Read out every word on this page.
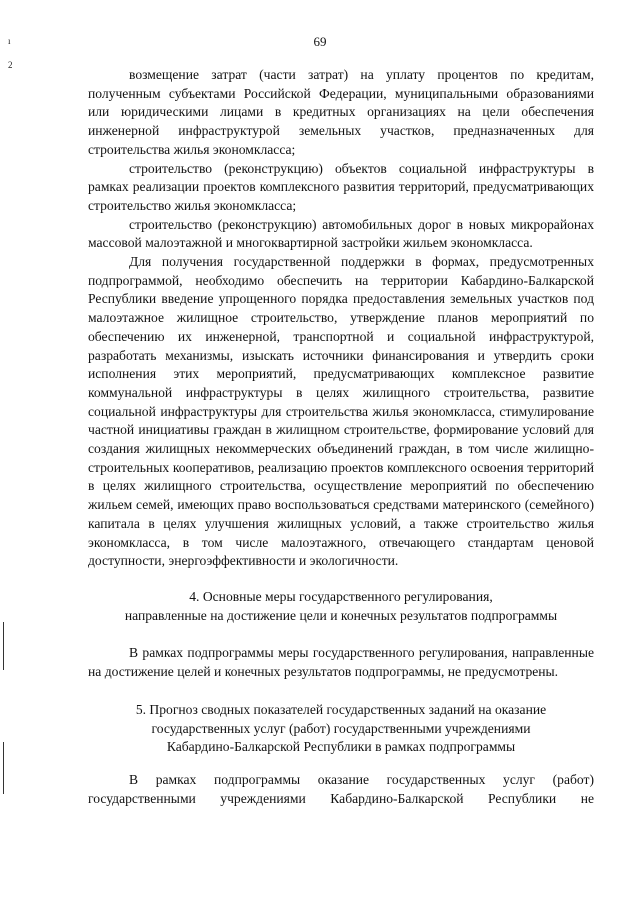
69
ı
2

возмещение затрат (части затрат) на уплату процентов по кредитам, полученным субъектами Российской Федерации, муниципальными образованиями или юридическими лицами в кредитных организациях на цели обеспечения инженерной инфраструктурой земельных участков, предназначенных для строительства жилья экономкласса;

строительство (реконструкцию) объектов социальной инфраструктуры в рамках реализации проектов комплексного развития территорий, предусматривающих строительство жилья экономкласса;

строительство (реконструкцию) автомобильных дорог в новых микрорайонах массовой малоэтажной и многоквартирной застройки жильем экономкласса.

Для получения государственной поддержки в формах, предусмотренных подпрограммой, необходимо обеспечить на территории Кабардино-Балкарской Республики введение упрощенного порядка предоставления земельных участков под малоэтажное жилищное строительство, утверждение планов мероприятий по обеспечению их инженерной, транспортной и социальной инфраструктурой, разработать механизмы, изыскать источники финансирования и утвердить сроки исполнения этих мероприятий, предусматривающих комплексное развитие коммунальной инфраструктуры в целях жилищного строительства, развитие социальной инфраструктуры для строительства жилья экономкласса, стимулирование частной инициативы граждан в жилищном строительстве, формирование условий для создания жилищных некоммерческих объединений граждан, в том числе жилищно-строительных кооперативов, реализацию проектов комплексного освоения территорий в целях жилищного строительства, осуществление мероприятий по обеспечению жильем семей, имеющих право воспользоваться средствами материнского (семейного) капитала в целях улучшения жилищных условий, а также строительство жилья экономкласса, в том числе малоэтажного, отвечающего стандартам ценовой доступности, энергоэффективности и экологичности.

4. Основные меры государственного регулирования,
направленные на достижение цели и конечных результатов подпрограммы

В рамках подпрограммы меры государственного регулирования, направленные на достижение целей и конечных результатов подпрограммы, не предусмотрены.

5. Прогноз сводных показателей государственных заданий на оказание
государственных услуг (работ) государственными учреждениями
Кабардино-Балкарской Республики в рамках подпрограммы

В рамках подпрограммы оказание государственных услуг (работ) государственными учреждениями Кабардино-Балкарской Республики не
